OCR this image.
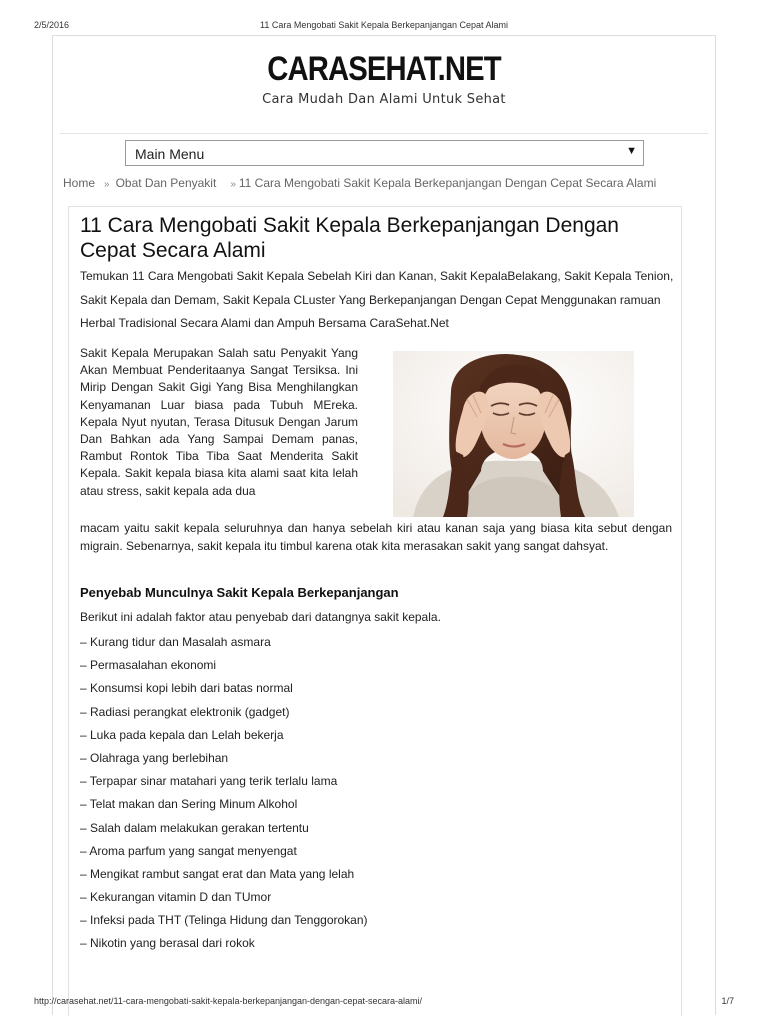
2/5/2016	11 Cara Mengobati Sakit Kepala Berkepanjangan Cepat Alami
CARASEHAT.NET
Cara Mudah Dan Alami Untuk Sehat
Main Menu	▼
Home » Obat Dan Penyakit » 11 Cara Mengobati Sakit Kepala Berkepanjangan Dengan Cepat Secara Alami
11 Cara Mengobati Sakit Kepala Berkepanjangan Dengan Cepat Secara Alami

Temukan 11 Cara Mengobati Sakit Kepala Sebelah Kiri dan Kanan, Sakit KepalaBelakang, Sakit Kepala Tenion, Sakit Kepala dan Demam, Sakit Kepala CLuster Yang Berkepanjangan Dengan Cepat Menggunakan ramuan Herbal Tradisional Secara Alami dan Ampuh Bersama CaraSehat.Net

Sakit Kepala Merupakan Salah satu Penyakit Yang Akan Membuat Penderitaanya Sangat Tersiksa. Ini Mirip Dengan Sakit Gigi Yang Bisa Menghilangkan Kenyamanan Luar biasa pada Tubuh MEreka. Kepala Nyut nyutan, Terasa Ditusuk Dengan Jarum Dan Bahkan ada Yang Sampai Demam panas, Rambut Rontok Tiba Tiba Saat Menderita Sakit Kepala. Sakit kepala biasa kita alami saat kita lelah atau stress, sakit kepala ada dua

macam yaitu sakit kepala seluruhnya dan hanya sebelah kiri atau kanan saja yang biasa kita sebut dengan migrain. Sebenarnya, sakit kepala itu timbul karena otak kita merasakan sakit yang sangat dahsyat.

Penyebab Munculnya Sakit Kepala Berkepanjangan

Berikut ini adalah faktor atau penyebab dari datangnya sakit kepala.

– Kurang tidur dan Masalah asmara
– Permasalahan ekonomi
– Konsumsi kopi lebih dari batas normal
– Radiasi perangkat elektronik (gadget)
– Luka pada kepala dan Lelah bekerja
– Olahraga yang berlebihan
– Terpapar sinar matahari yang terik terlalu lama
– Telat makan dan Sering Minum Alkohol
– Salah dalam melakukan gerakan tertentu
– Aroma parfum yang sangat menyengat
– Mengikat rambut sangat erat dan Mata yang lelah
– Kekurangan vitamin D dan TUmor
– Infeksi pada THT (Telinga Hidung dan Tenggorokan)
– Nikotin yang berasal dari rokok
http://carasehat.net/11-cara-mengobati-sakit-kepala-berkepanjangan-dengan-cepat-secara-alami/	1/7
